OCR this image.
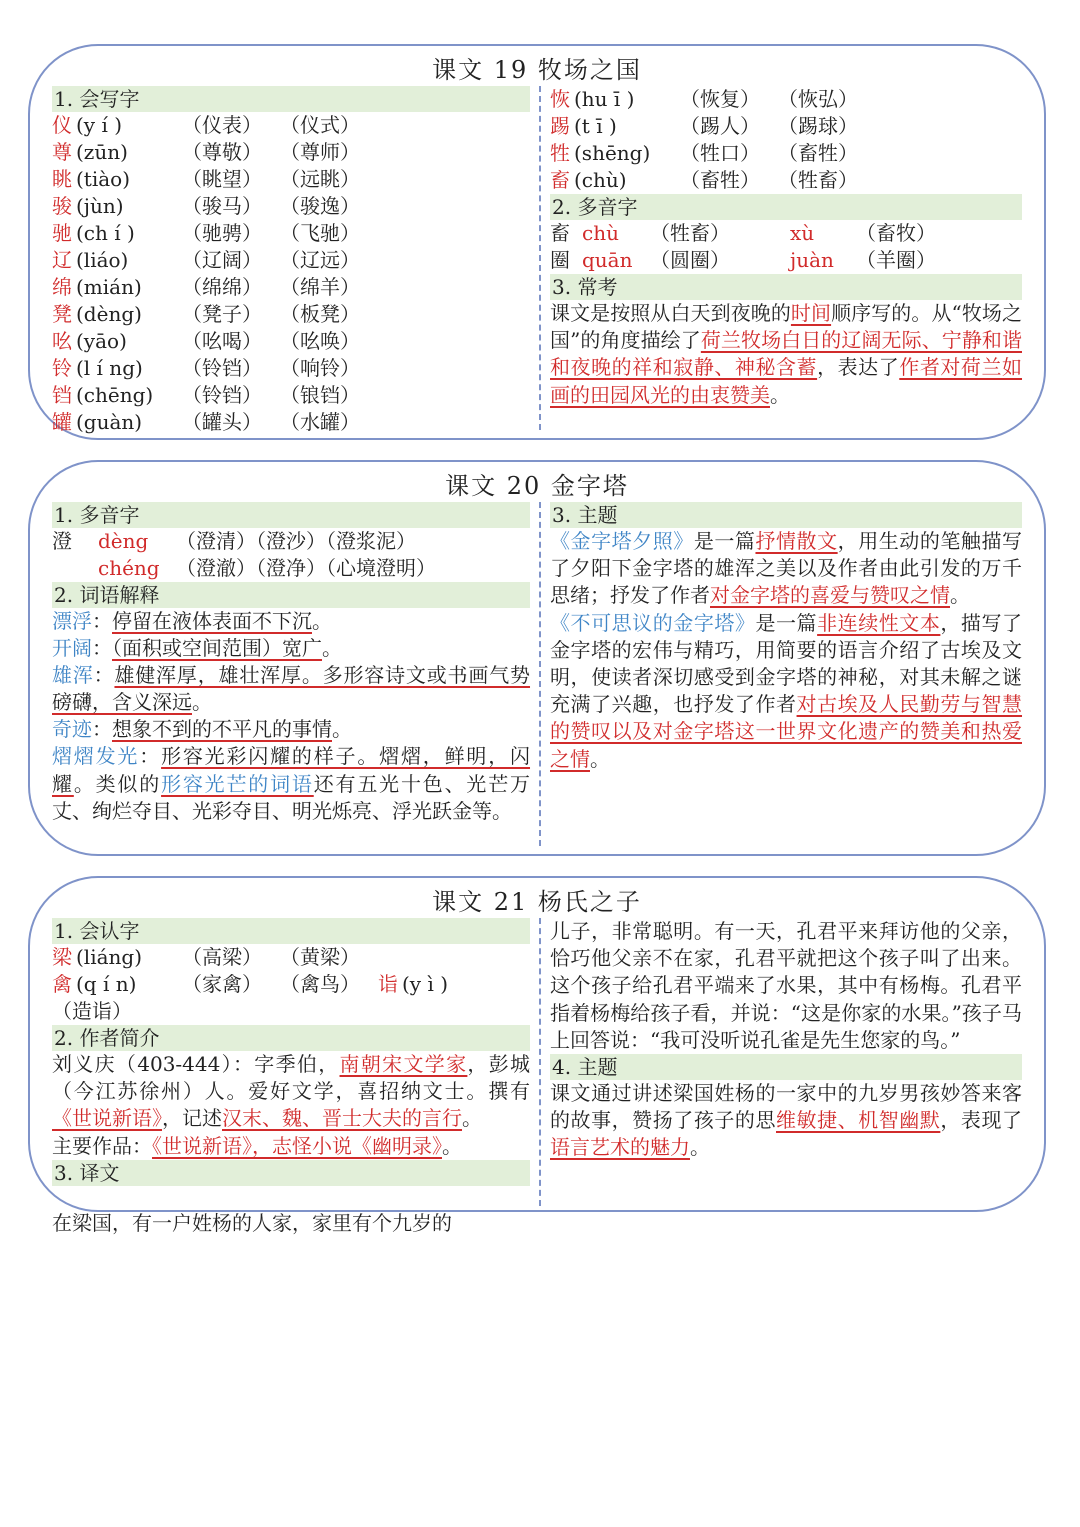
课文 19 牧场之国
1. 会写字
仪 (y í )	（仪表） （仪式）
尊 (zūn)	（尊敬） （尊师）
眺 (tiào)	（眺望） （远眺）
骏 (jùn)	（骏马） （骏逸）
驰 (ch í ) （驰骋） （飞驰）
辽 (liáo)	（辽阔） （辽远）
绵 (mián) （绵绵） （绵羊）
凳 (dèng) （凳子） （板凳）
吆 (yāo)	（吆喝） （吆唤）
铃 (l í ng) （铃铛） （响铃）
铛 (chēng) （铃铛） （锒铛）
罐 (guàn) （罐头） （水罐）
恢 (hu ī ) （恢复） （恢弘）
踢 (t ī )	（踢人） （踢球）
牲 (shēng) （牲口） （畜牲）
畜 (chù)	（畜牲） （牲畜）
2. 多音字
畜 chù （牲畜）	xù （畜牧）
圈 quān （圆圈）	juàn （羊圈）
3. 常考

课文是按照从白天到夜晚的时间顺序写的。从“牧场之国”的角度描绘了荷兰牧场白日的辽阔无际、宁静和谐和夜晚的祥和寂静、神秘含蓄，表达了作者对荷兰如画的田园风光的由衷赞美。

课文 20 金字塔
1. 多音字
澄 dèng （澄清）（澄沙）（澄浆泥）
chéng （澄澈）（澄净）（心境澄明）
2. 词语解释
漂浮：停留在液体表面不下沉。
开阔：（面积或空间范围）宽广。

雄浑：雄健浑厚，雄壮浑厚。多形容诗文或书画气势磅礴，含义深远。

奇迹：想象不到的不平凡的事情。

熠熠发光：形容光彩闪耀的样子。熠熠，鲜明，闪耀。类似的形容光芒的词语还有五光十色、光芒万丈、绚烂夺目、光彩夺目、明光烁亮、浮光跃金等。

3. 主题

《金字塔夕照》是一篇抒情散文，用生动的笔触描写了夕阳下金字塔的雄浑之美以及作者由此引发的万千思绪；抒发了作者对金字塔的喜爱与赞叹之情。

《不可思议的金字塔》是一篇非连续性文本，描写了金字塔的宏伟与精巧，用简要的语言介绍了古埃及文明，使读者深切感受到金字塔的神秘，对其未解之谜充满了兴趣，也抒发了作者对古埃及人民勤劳与智慧的赞叹以及对金字塔这一世界文化遗产的赞美和热爱之情。

课文 21 杨氏之子
1. 会认字
梁 (liáng) （高梁） （黄梁）
禽 (q í n) （家禽） （禽鸟） 诣 (y ì )
（造诣）
2. 作者简介

刘义庆（403-444）：字季伯，南朝宋文学家，彭城（今江苏徐州）人。爱好文学，喜招纳文士。撰有《世说新语》，记述汉末、魏、晋士大夫的言行。

主要作品：《世说新语》，志怪小说《幽明录》。
3. 译文

儿子，非常聪明。有一天，孔君平来拜访他的父亲，恰巧他父亲不在家，孔君平就把这个孩子叫了出来。这个孩子给孔君平端来了水果，其中有杨梅。孔君平指着杨梅给孩子看，并说：“这是你家的水果。”孩子马上回答说：“我可没听说孔雀是先生您家的鸟。”

4. 主题

课文通过讲述梁国姓杨的一家中的九岁男孩妙答来客的故事，赞扬了孩子的思维敏捷、机智幽默，表现了语言艺术的魅力。

在梁国，有一户姓杨的人家，家里有个九岁的
